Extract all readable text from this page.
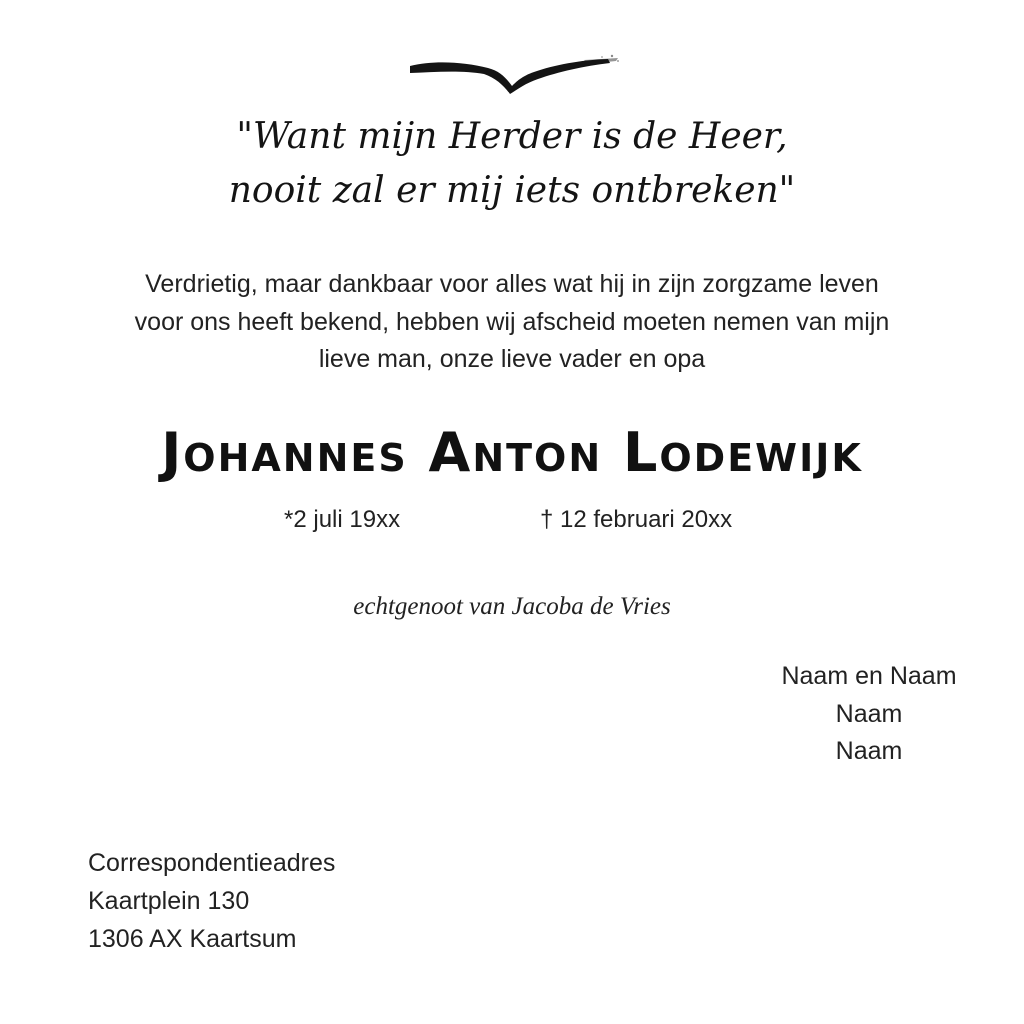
"Want mijn Herder is de Heer,
nooit zal er mij iets ontbreken"
Verdrietig, maar dankbaar voor alles wat hij in zijn zorgzame leven
voor ons heeft bekend, hebben wij afscheid moeten nemen van mijn
lieve man, onze lieve vader en opa
Johannes Anton Lodewijk
*2 juli 19xx	† 12 februari 20xx
echtgenoot van Jacoba de Vries
Naam en Naam
Naam
Naam
Correspondentieadres
Kaartplein 130
1306 AX Kaartsum
